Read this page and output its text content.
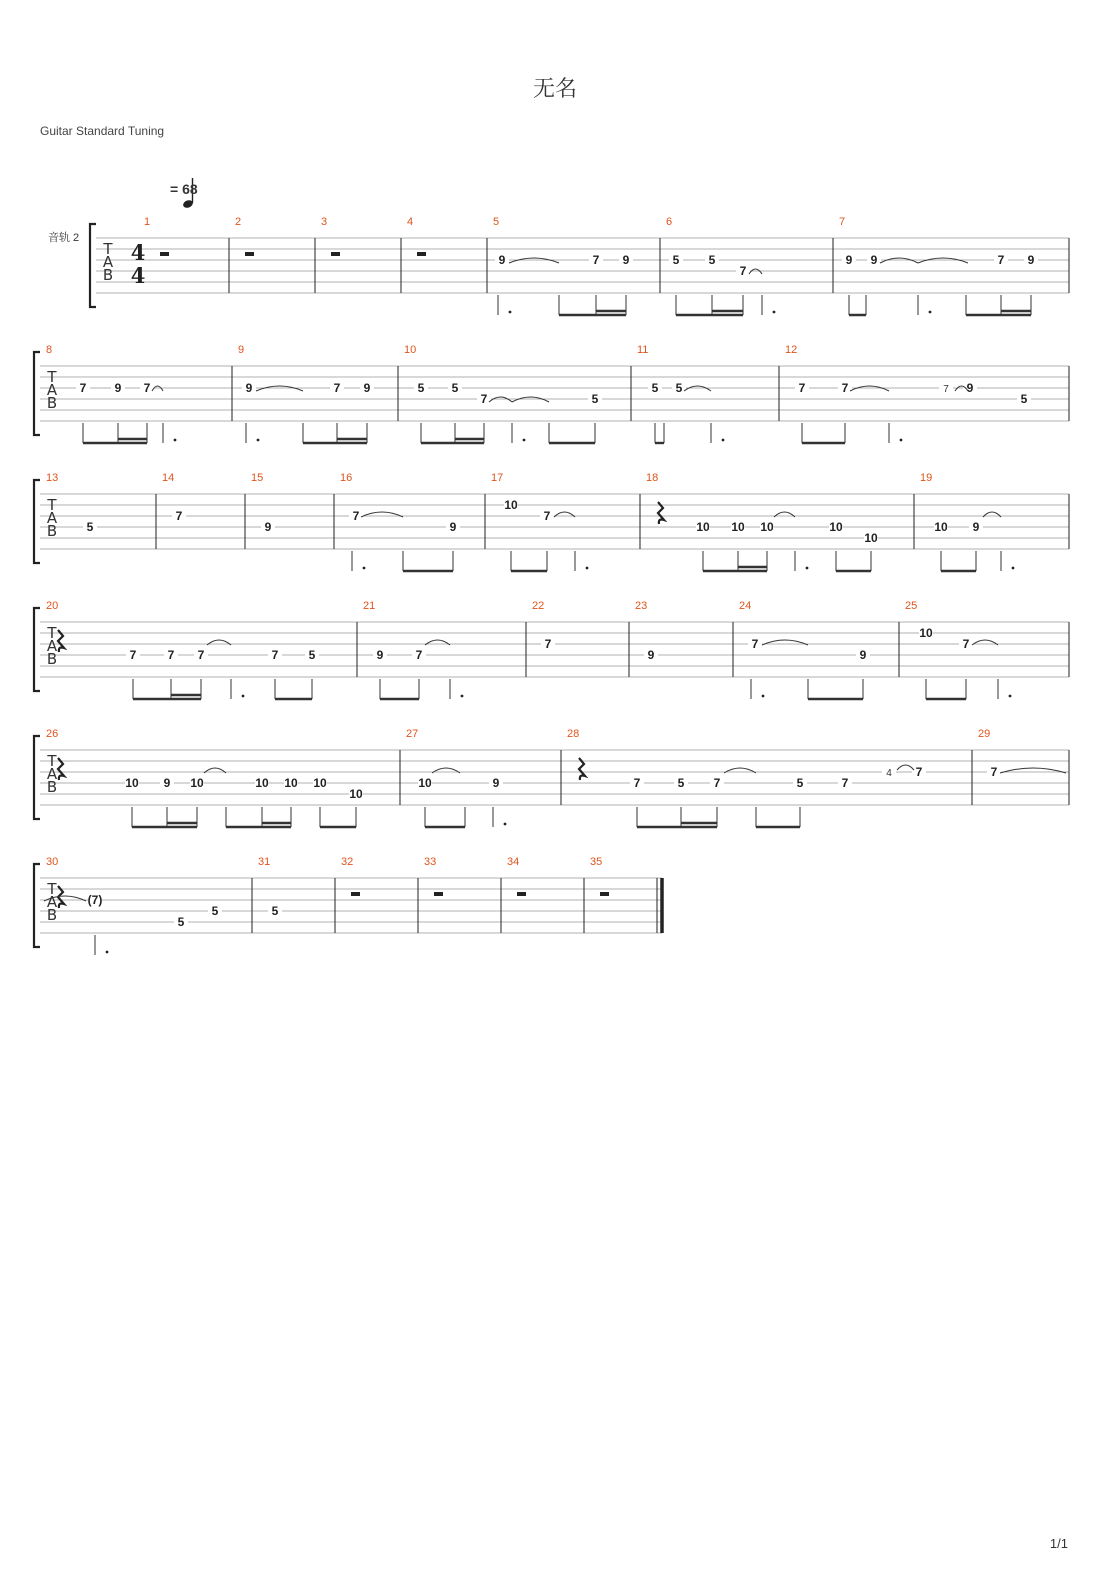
无名
Guitar Standard Tuning
= 68
音轨 2
T
A
B
4
4
1	2	3	4	5
9	7 9
6
5 5
7
7
9 9	7 9
T
A
B
8
7 9 7
9
9	7 9
10
5 5
7	5
11
5 5
12
7	7	7 9
5
T
A
B
13
5
14
7
15
9
16
7
9
17
10
7
18
10 10 10	10
10
19
10 9
T
A
B
20
7	7 7	7	5
21
9	7
22
7
23
9
24
7
9
25
10
7
T
A
B
26
10 9 10	10 10 10
10
27
10	9
28
7	5 7	5	7
4 7
29
7
T
A
B
30
(7)
5
5
31
5
32	33	34	35
1/1
